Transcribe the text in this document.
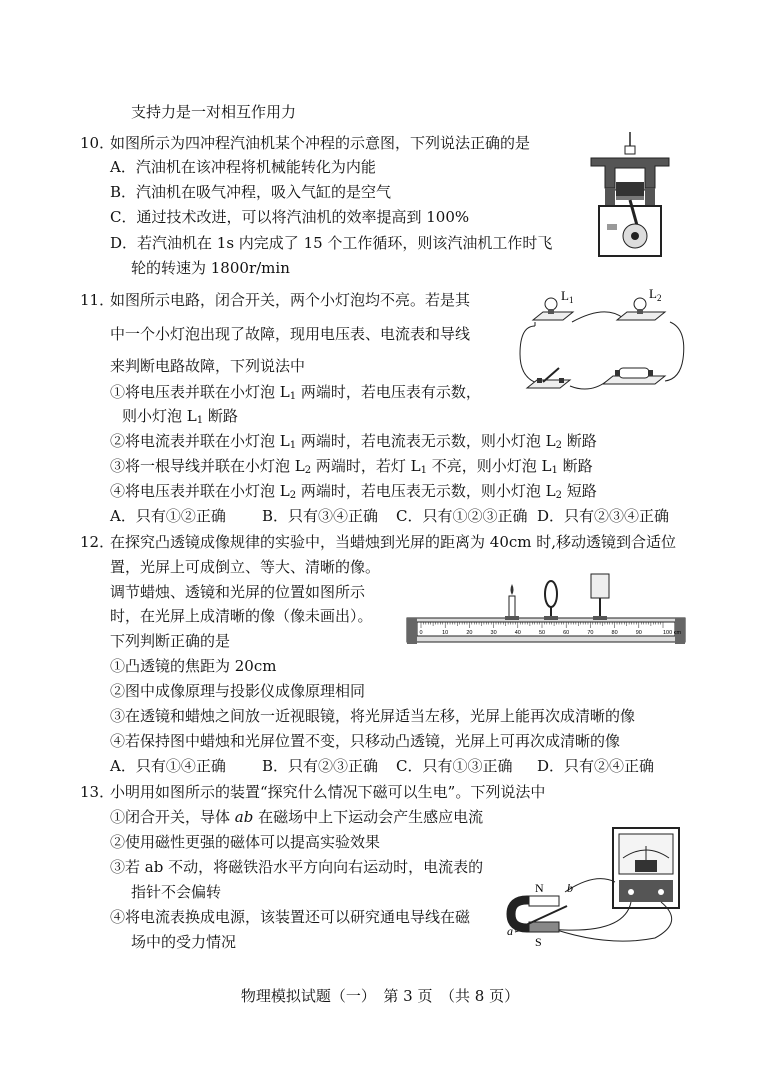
支持力是一对相互作用力
10．
如图所示为四冲程汽油机某个冲程的示意图，下列说法正确的是
A．汽油机在该冲程将机械能转化为内能
B．汽油机在吸气冲程，吸入气缸的是空气
C．通过技术改进，可以将汽油机的效率提高到 100%
D．若汽油机在 1s 内完成了 15 个工作循环，则该汽油机工作时飞
轮的转速为 1800r/min
11．
如图所示电路，闭合开关，两个小灯泡均不亮。若是其
中一个小灯泡出现了故障，现用电压表、电流表和导线
来判断电路故障，下列说法中
①将电压表并联在小灯泡 $L_1$ 两端时，若电压表有示数，
则小灯泡 $L_1$ 断路
②将电流表并联在小灯泡 $L_1$ 两端时，若电流表无示数，则小灯泡 $L_2$ 断路
③将一根导线并联在小灯泡 $L_2$ 两端时，若灯 $L_1$ 不亮，则小灯泡 $L_1$ 断路
④将电压表并联在小灯泡 $L_2$ 两端时，若电压表无示数，则小灯泡 $L_2$ 短路
A．只有①②正确 B．只有③④正确 C．只有①②③正确 D．只有②③④正确
$L_1$	$L_2$
12．
在探究凸透镜成像规律的实验中，当蜡烛到光屏的距离为 40cm 时,移动透镜到合适位
置，光屏上可成倒立、等大、清晰的像。
调节蜡烛、透镜和光屏的位置如图所示
时，在光屏上成清晰的像（像未画出）。
下列判断正确的是
①凸透镜的焦距为 20cm
②图中成像原理与投影仪成像原理相同
③在透镜和蜡烛之间放一近视眼镜，将光屏适当左移，光屏上能再次成清晰的像
④若保持图中蜡烛和光屏位置不变，只移动凸透镜，光屏上可再次成清晰的像
A．只有①④正确 B．只有②③正确 C．只有①③正确 D．只有②④正确
0	10	20	30	40	50	60	70	80	90	100 cm
13．
小明用如图所示的装置“探究什么情况下磁可以生电”。下列说法中
①闭合开关，导体 ab 在磁场中上下运动会产生感应电流
②使用磁性更强的磁体可以提高实验效果
③若 ab 不动，将磁铁沿水平方向向右运动时，电流表的
指针不会偏转
④将电流表换成电源，该装置还可以研究通电导线在磁
场中的受力情况
N
S
a
b
物理模拟试题（一）　第 3 页　（共 8 页）
